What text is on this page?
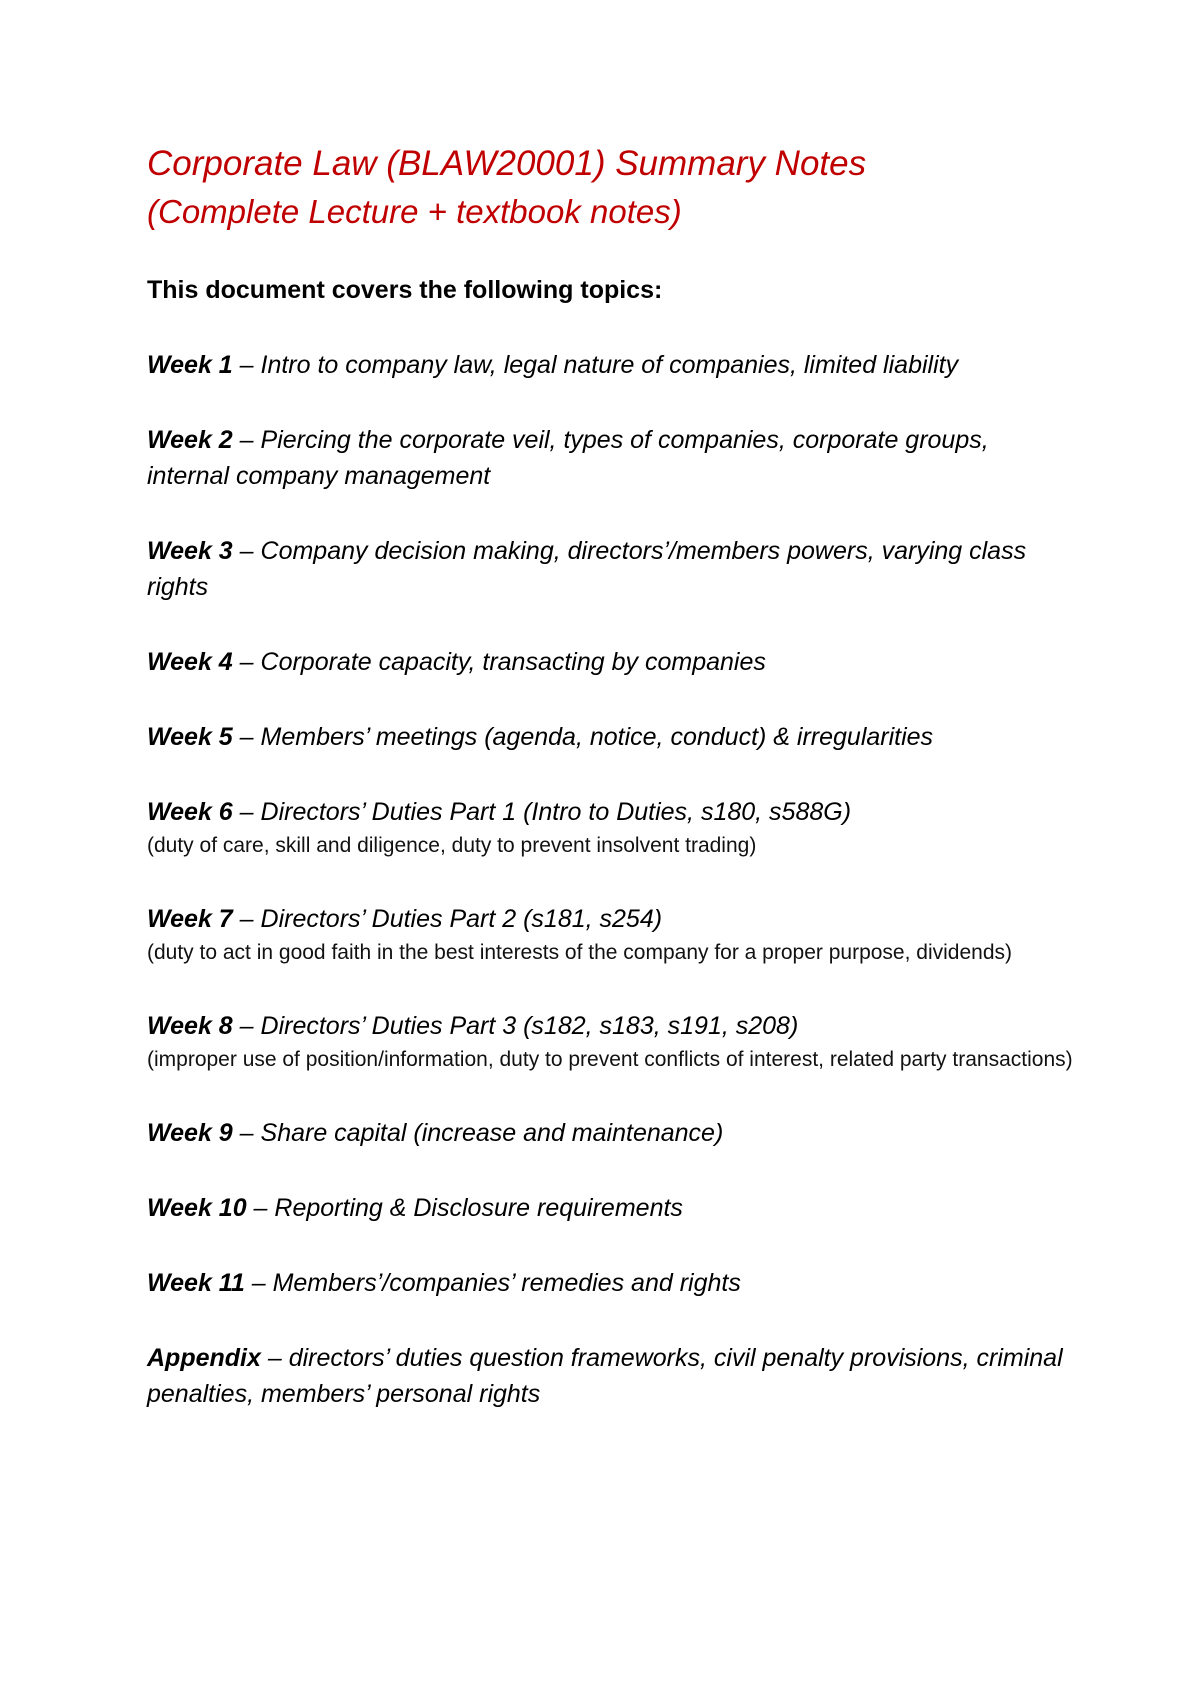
Corporate Law (BLAW20001) Summary Notes
(Complete Lecture + textbook notes)

This document covers the following topics:

Week 1 – Intro to company law, legal nature of companies, limited liability

Week 2 – Piercing the corporate veil, types of companies, corporate groups, internal company management

Week 3 – Company decision making, directors’/members powers, varying class rights

Week 4 – Corporate capacity, transacting by companies

Week 5 – Members’ meetings (agenda, notice, conduct) & irregularities

Week 6 – Directors’ Duties Part 1 (Intro to Duties, s180, s588G)

(duty of care, skill and diligence, duty to prevent insolvent trading)

Week 7 – Directors’ Duties Part 2 (s181, s254)

(duty to act in good faith in the best interests of the company for a proper purpose, dividends)

Week 8 – Directors’ Duties Part 3 (s182, s183, s191, s208)

(improper use of position/information, duty to prevent conflicts of interest, related party transactions)

Week 9 – Share capital (increase and maintenance)

Week 10 – Reporting & Disclosure requirements

Week 11 – Members’/companies’ remedies and rights

Appendix – directors’ duties question frameworks, civil penalty provisions, criminal penalties, members’ personal rights
